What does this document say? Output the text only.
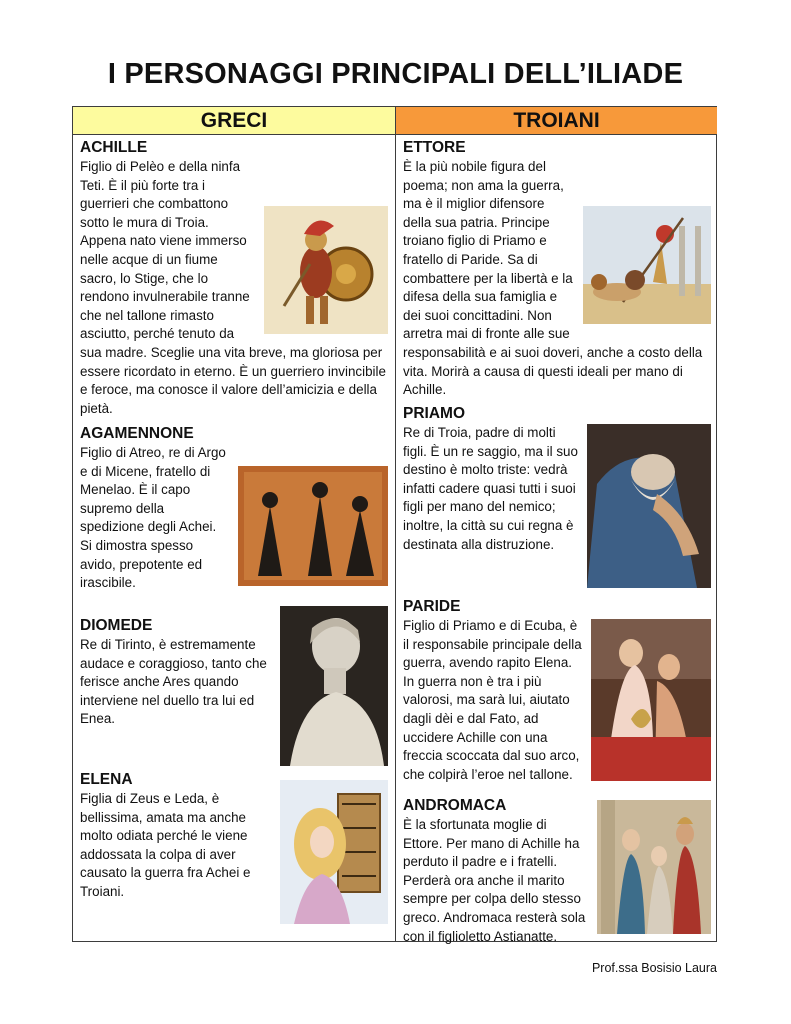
I PERSONAGGI PRINCIPALI DELL’ILIADE
GRECI	TROIANI
ACHILLE

Figlio di Pelèo e della ninfa Teti. È il più forte tra i guerrieri che combattono sotto le mura di Troia. Appena nato viene immerso nelle acque di un fiume sacro, lo Stige, che lo rendono invulnerabile tranne che nel tallone rimasto asciutto, perché tenuto da sua madre. Sceglie una vita breve, ma gloriosa per essere ricordato in eterno. È un guerriero invincibile e feroce, ma conosce il valore dell’amicizia e della pietà.

AGAMENNONE

Figlio di Atreo, re di Argo e di Micene, fratello di Menelao. È il capo supremo della spedizione degli Achei. Si dimostra spesso avido, prepotente ed irascibile.

DIOMEDE

Re di Tirinto, è estremamente audace e coraggioso, tanto che ferisce anche Ares quando interviene nel duello tra lui ed Enea.

ELENA

Figlia di Zeus e Leda, è bellissima, amata ma anche molto odiata perché le viene addossata la colpa di aver causato la guerra fra Achei e Troiani.

ETTORE

È la più nobile figura del poema; non ama la guerra, ma è il miglior difensore della sua patria. Principe troiano figlio di Priamo e fratello di Paride. Sa di combattere per la libertà e la difesa della sua famiglia e dei suoi concittadini. Non arretra mai di fronte alle sue responsabilità e ai suoi doveri, anche a costo della vita. Morirà a causa di questi ideali per mano di Achille.

PRIAMO

Re di Troia, padre di molti figli. È un re saggio, ma il suo destino è molto triste: vedrà infatti cadere quasi tutti i suoi figli per mano del nemico; inoltre, la città su cui regna è destinata alla distruzione.

PARIDE

Figlio di Priamo e di Ecuba, è il responsabile principale della guerra, avendo rapito Elena. In guerra non è tra i più valorosi, ma sarà lui, aiutato dagli dèi e dal Fato, ad uccidere Achille con una freccia scoccata dal suo arco, che colpirà l’eroe nel tallone.

ANDROMACA

È la sfortunata moglie di Ettore. Per mano di Achille ha perduto il padre e i fratelli. Perderà ora anche il marito sempre per colpa dello stesso greco. Andromaca resterà sola con il figlioletto Astianatte.

Prof.ssa Bosisio Laura
